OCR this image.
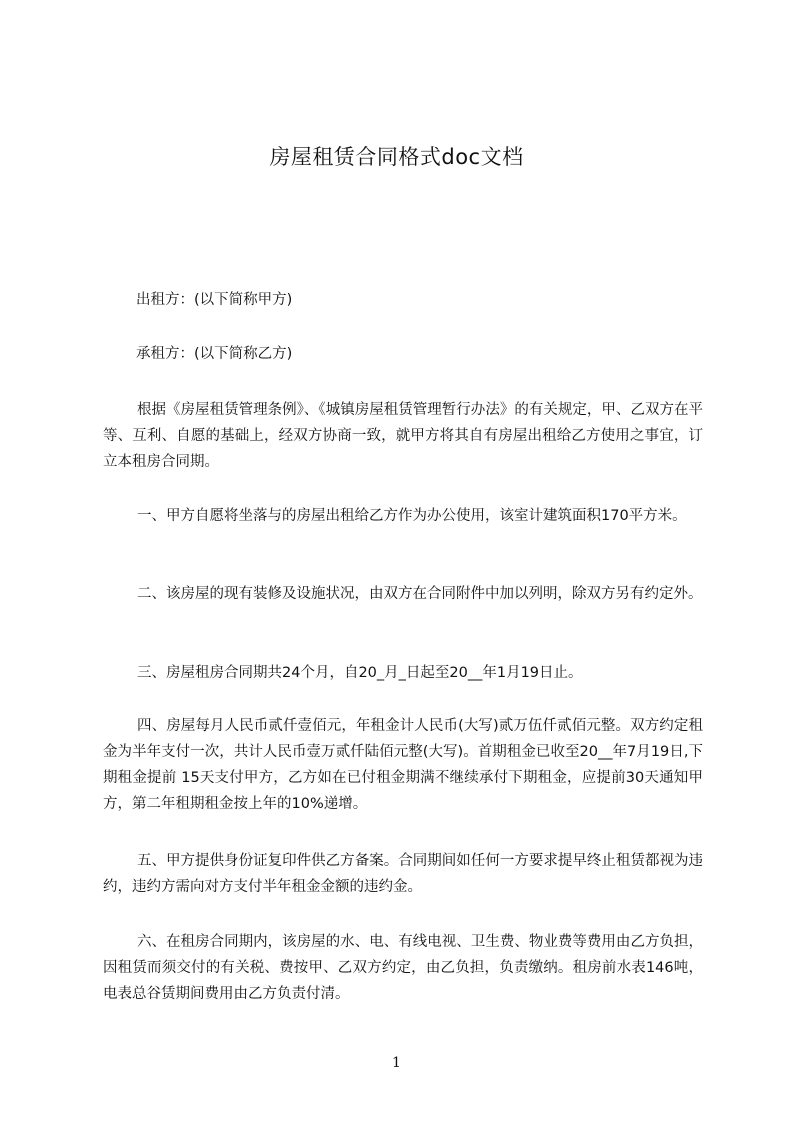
房屋租赁合同格式doc文档
出租方：(以下简称甲方)
承租方：(以下简称乙方)
根据《房屋租赁管理条例》、《城镇房屋租赁管理暂行办法》的有关规定，甲、乙双方在平等、互利、自愿的基础上，经双方协商一致，就甲方将其自有房屋出租给乙方使用之事宜，订立本租房合同期。
一、甲方自愿将坐落与的房屋出租给乙方作为办公使用，该室计建筑面积170平方米。
二、该房屋的现有装修及设施状况，由双方在合同附件中加以列明，除双方另有约定外。
三、房屋租房合同期共24个月，自20_月_日起至20__年1月19日止。
四、房屋每月人民币贰仟壹佰元，年租金计人民币(大写)贰万伍仟贰佰元整。双方约定租金为半年支付一次，共计人民币壹万贰仟陆佰元整(大写)。首期租金已收至20__年7月19日,下期租金提前 15天支付甲方，乙方如在已付租金期满不继续承付下期租金，应提前30天通知甲方，第二年租期租金按上年的10%递增。
五、甲方提供身份证复印件供乙方备案。合同期间如任何一方要求提早终止租赁都视为违约，违约方需向对方支付半年租金金额的违约金。
六、在租房合同期内，该房屋的水、电、有线电视、卫生费、物业费等费用由乙方负担，因租赁而须交付的有关税、费按甲、乙双方约定，由乙负担，负责缴纳。租房前水表146吨，电表总谷赁期间费用由乙方负责付清。
1
